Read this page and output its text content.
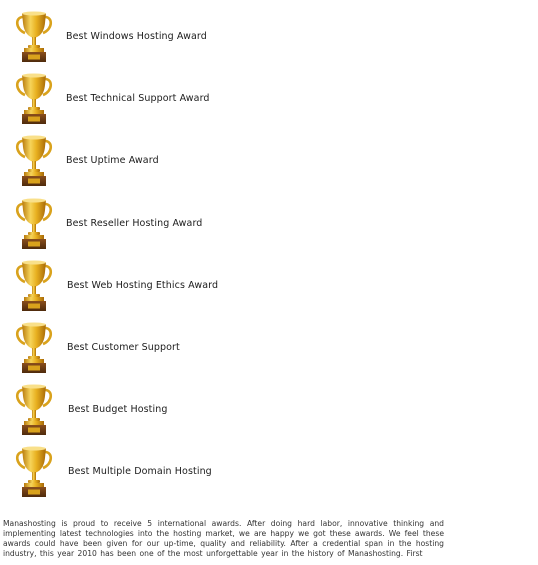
Best Windows Hosting Award
Best Technical Support Award
Best Uptime Award
Best Reseller Hosting Award
Best Web Hosting Ethics Award
Best Customer Support
Best Budget Hosting
Best Multiple Domain Hosting
Manashosting is proud to receive 5 international awards. After doing hard labor, innovative thinking and implementing latest technologies into the hosting market, we are happy we got these awards. We feel these awards could have been given for our up-time, quality and reliability. After a credential span in the hosting industry, this year 2010 has been one of the most unforgettable year in the history of Manashosting. First
